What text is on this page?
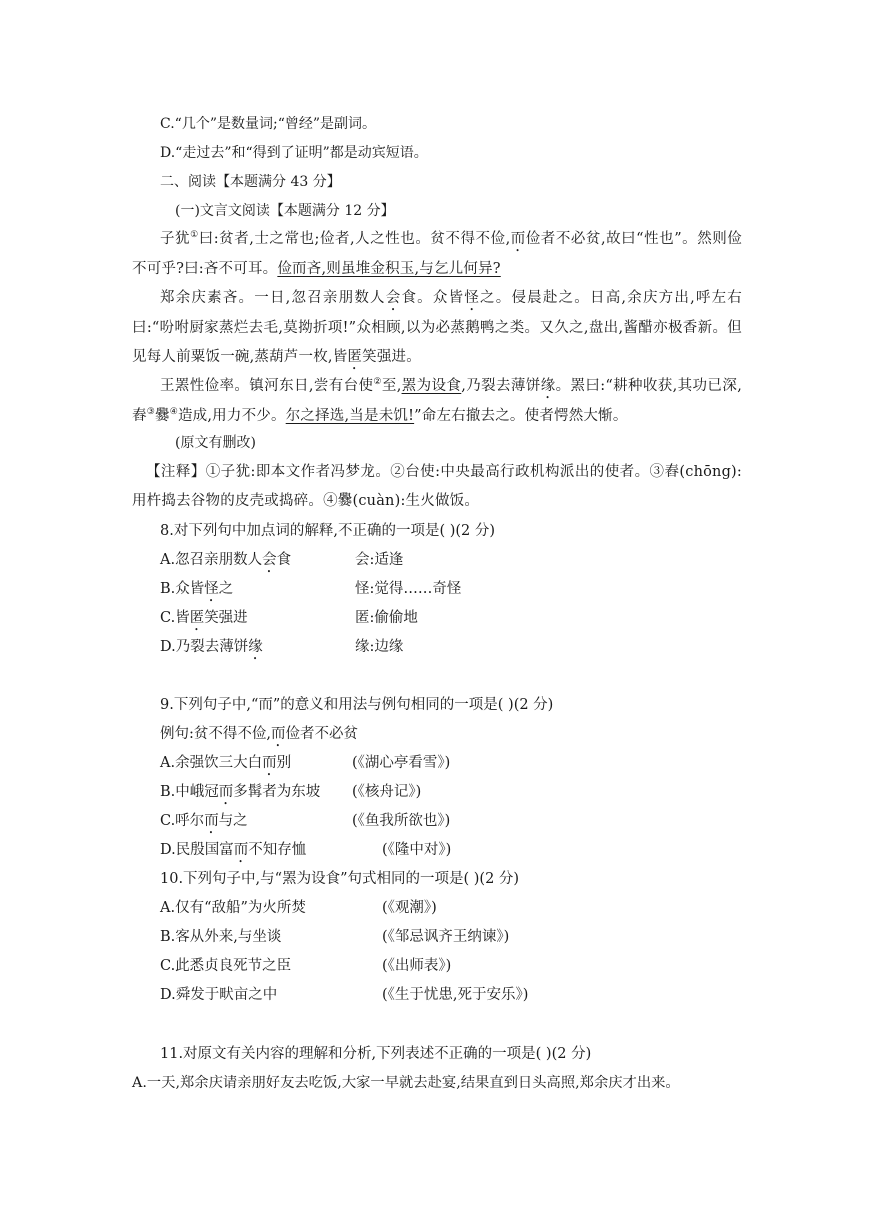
C.“几个”是数量词;“曾经”是副词。
D.“走过去”和“得到了证明”都是动宾短语。
二、阅读【本题满分 43 分】
(一)文言文阅读【本题满分 12 分】
子犹①曰:贫者,士之常也;俭者,人之性也。贫不得不俭,而俭者不必贫,故曰“性也”。然则俭不可乎?曰:吝不可耳。俭而吝,则虽堆金积玉,与乞儿何异?
郑余庆素吝。一日,忽召亲朋数人会食。众皆怪之。侵晨赴之。日高,余庆方出,呼左右曰:“吩咐厨家蒸烂去毛,莫拗折项!”众相顾,以为必蒸鹅鸭之类。又久之,盘出,酱醋亦极香新。但见每人前粟饭一碗,蒸葫芦一枚,皆匿笑强进。
王罴性俭率。镇河东日,尝有台使②至,罴为设食,乃裂去薄饼缘。罴曰:“耕种收获,其功已深,舂③爨④造成,用力不少。尔之择选,当是未饥!”命左右撤去之。使者愕然大惭。
(原文有删改)
【注释】①子犹:即本文作者冯梦龙。②台使:中央最高行政机构派出的使者。③舂(chōng):用杵捣去谷物的皮壳或捣碎。④爨(cuàn):生火做饭。
8.对下列句中加点词的解释,不正确的一项是( )(2 分)
A.忽召亲朋数人会食	会:适逢
B.众皆怪之	怪:觉得……奇怪
C.皆匿笑强进	匿:偷偷地
D.乃裂去薄饼缘	缘:边缘
9.下列句子中,“而”的意义和用法与例句相同的一项是( )(2 分)
例句:贫不得不俭,而俭者不必贫
A.余强饮三大白而别	(《湖心亭看雪》)
B.中峨冠而多髯者为东坡 (《核舟记》)
C.呼尔而与之	(《鱼我所欲也》)
D.民殷国富而不知存恤	(《隆中对》)
10.下列句子中,与“罴为设食”句式相同的一项是( )(2 分)
A.仅有“敌船”为火所焚	(《观潮》)
B.客从外来,与坐谈	(《邹忌讽齐王纳谏》)
C.此悉贞良死节之臣	(《出师表》)
D.舜发于畎亩之中	(《生于忧患,死于安乐》)
11.对原文有关内容的理解和分析,下列表述不正确的一项是( )(2 分)
A.一天,郑余庆请亲朋好友去吃饭,大家一早就去赴宴,结果直到日头高照,郑余庆才出来。
